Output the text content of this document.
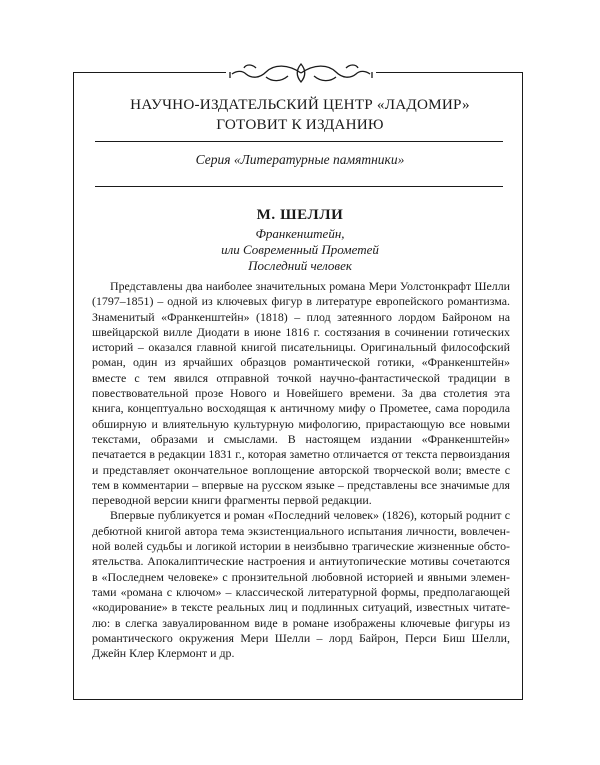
НАУЧНО-ИЗДАТЕЛЬСКИЙ ЦЕНТР «ЛАДОМИР»
ГОТОВИТ К ИЗДАНИЮ
Серия «Литературные памятники»
М. ШЕЛЛИ
Франкенштейн,
или Современный Прометей
Последний человек

Представлены два наиболее значительных романа Мери Уолстонкрафт Шелли (1797–1851) – одной из ключевых фигур в литературе европейского романтизма. Знаменитый «Франкенштейн» (1818) – плод затеянного лордом Байроном на швейцарской вилле Диодати в июне 1816 г. состязания в сочинении готических историй – оказался главной книгой писательницы. Оригинальный философский роман, один из ярчайших образцов романтической готики, «Франкенштейн» вместе с тем явился отправной точкой научно-фантастической традиции в повествовательной прозе Нового и Новейшего времени. За два столетия эта книга, концептуально восходящая к античному мифу о Прометее, сама породила обширную и влиятельную культурную мифологию, прирастающую все новыми текстами, образами и смыслами. В настоящем издании «Франкенштейн» печатается в редакции 1831 г., которая заметно отличается от текста первоиздания и представляет окончательное воплощение авторской творческой воли; вместе с тем в комментарии – впервые на русском языке – представлены все значимые для переводной версии книги фрагменты первой редакции.

Впервые публикуется и роман «Последний человек» (1826), который роднит с дебютной книгой автора тема экзистенциального испытания личности, вовлеченной волей судьбы и логикой истории в неизбывно трагические жизненные обстоятельства. Апокалиптические настроения и антиутопические мотивы сочетаются в «Последнем человеке» с пронзительной любовной историей и явными элементами «романа с ключом» – классической литературной формы, предполагающей «кодирование» в тексте реальных лиц и подлинных ситуаций, известных читателю: в слегка завуалированном виде в романе изображены ключевые фигуры из романтического окружения Мери Шелли – лорд Байрон, Перси Биш Шелли, Джейн Клер Клермонт и др.
